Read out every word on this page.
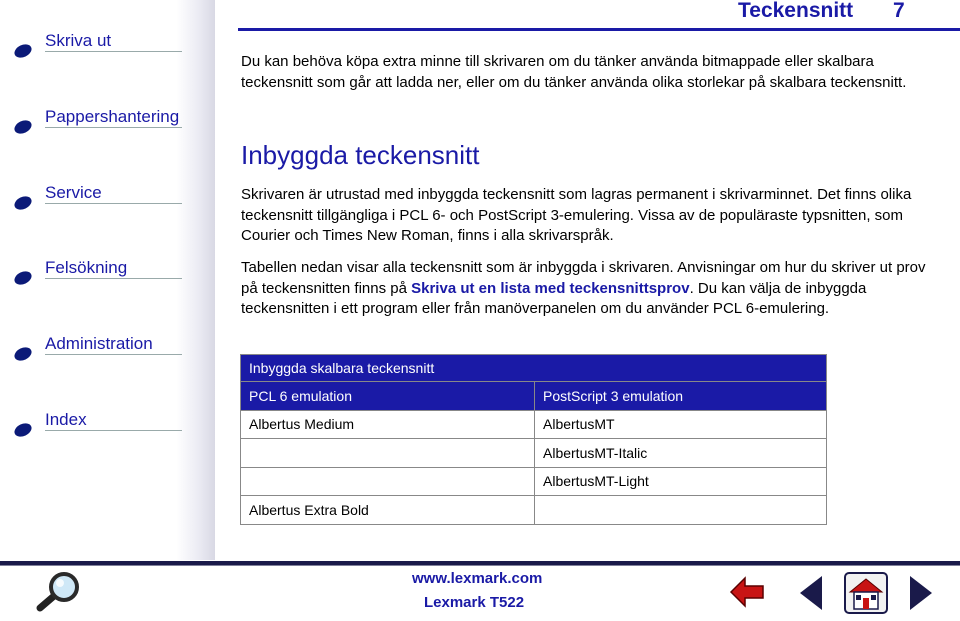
Teckensnitt 7
Skriva ut
Pappershantering
Service
Felsökning
Administration
Index
Du kan behöva köpa extra minne till skrivaren om du tänker använda bitmappade eller skalbara teckensnitt som går att ladda ner, eller om du tänker använda olika storlekar på skalbara teckensnitt.
Inbyggda teckensnitt
Skrivaren är utrustad med inbyggda teckensnitt som lagras permanent i skrivarminnet. Det finns olika teckensnitt tillgängliga i PCL 6- och PostScript 3-emulering. Vissa av de populäraste typsnitten, som Courier och Times New Roman, finns i alla skrivarspråk.
Tabellen nedan visar alla teckensnitt som är inbyggda i skrivaren. Anvisningar om hur du skriver ut prov på teckensnitten finns på Skriva ut en lista med teckensnittsprov. Du kan välja de inbyggda teckensnitten i ett program eller från manöverpanelen om du använder PCL 6-emulering.
Inbyggda skalbara teckensnitt	
PCL 6 emulation	PostScript 3 emulation
Albertus Medium	AlbertusMT
	AlbertusMT-Italic
	AlbertusMT-Light
Albertus Extra Bold	
www.lexmark.com
Lexmark T522
